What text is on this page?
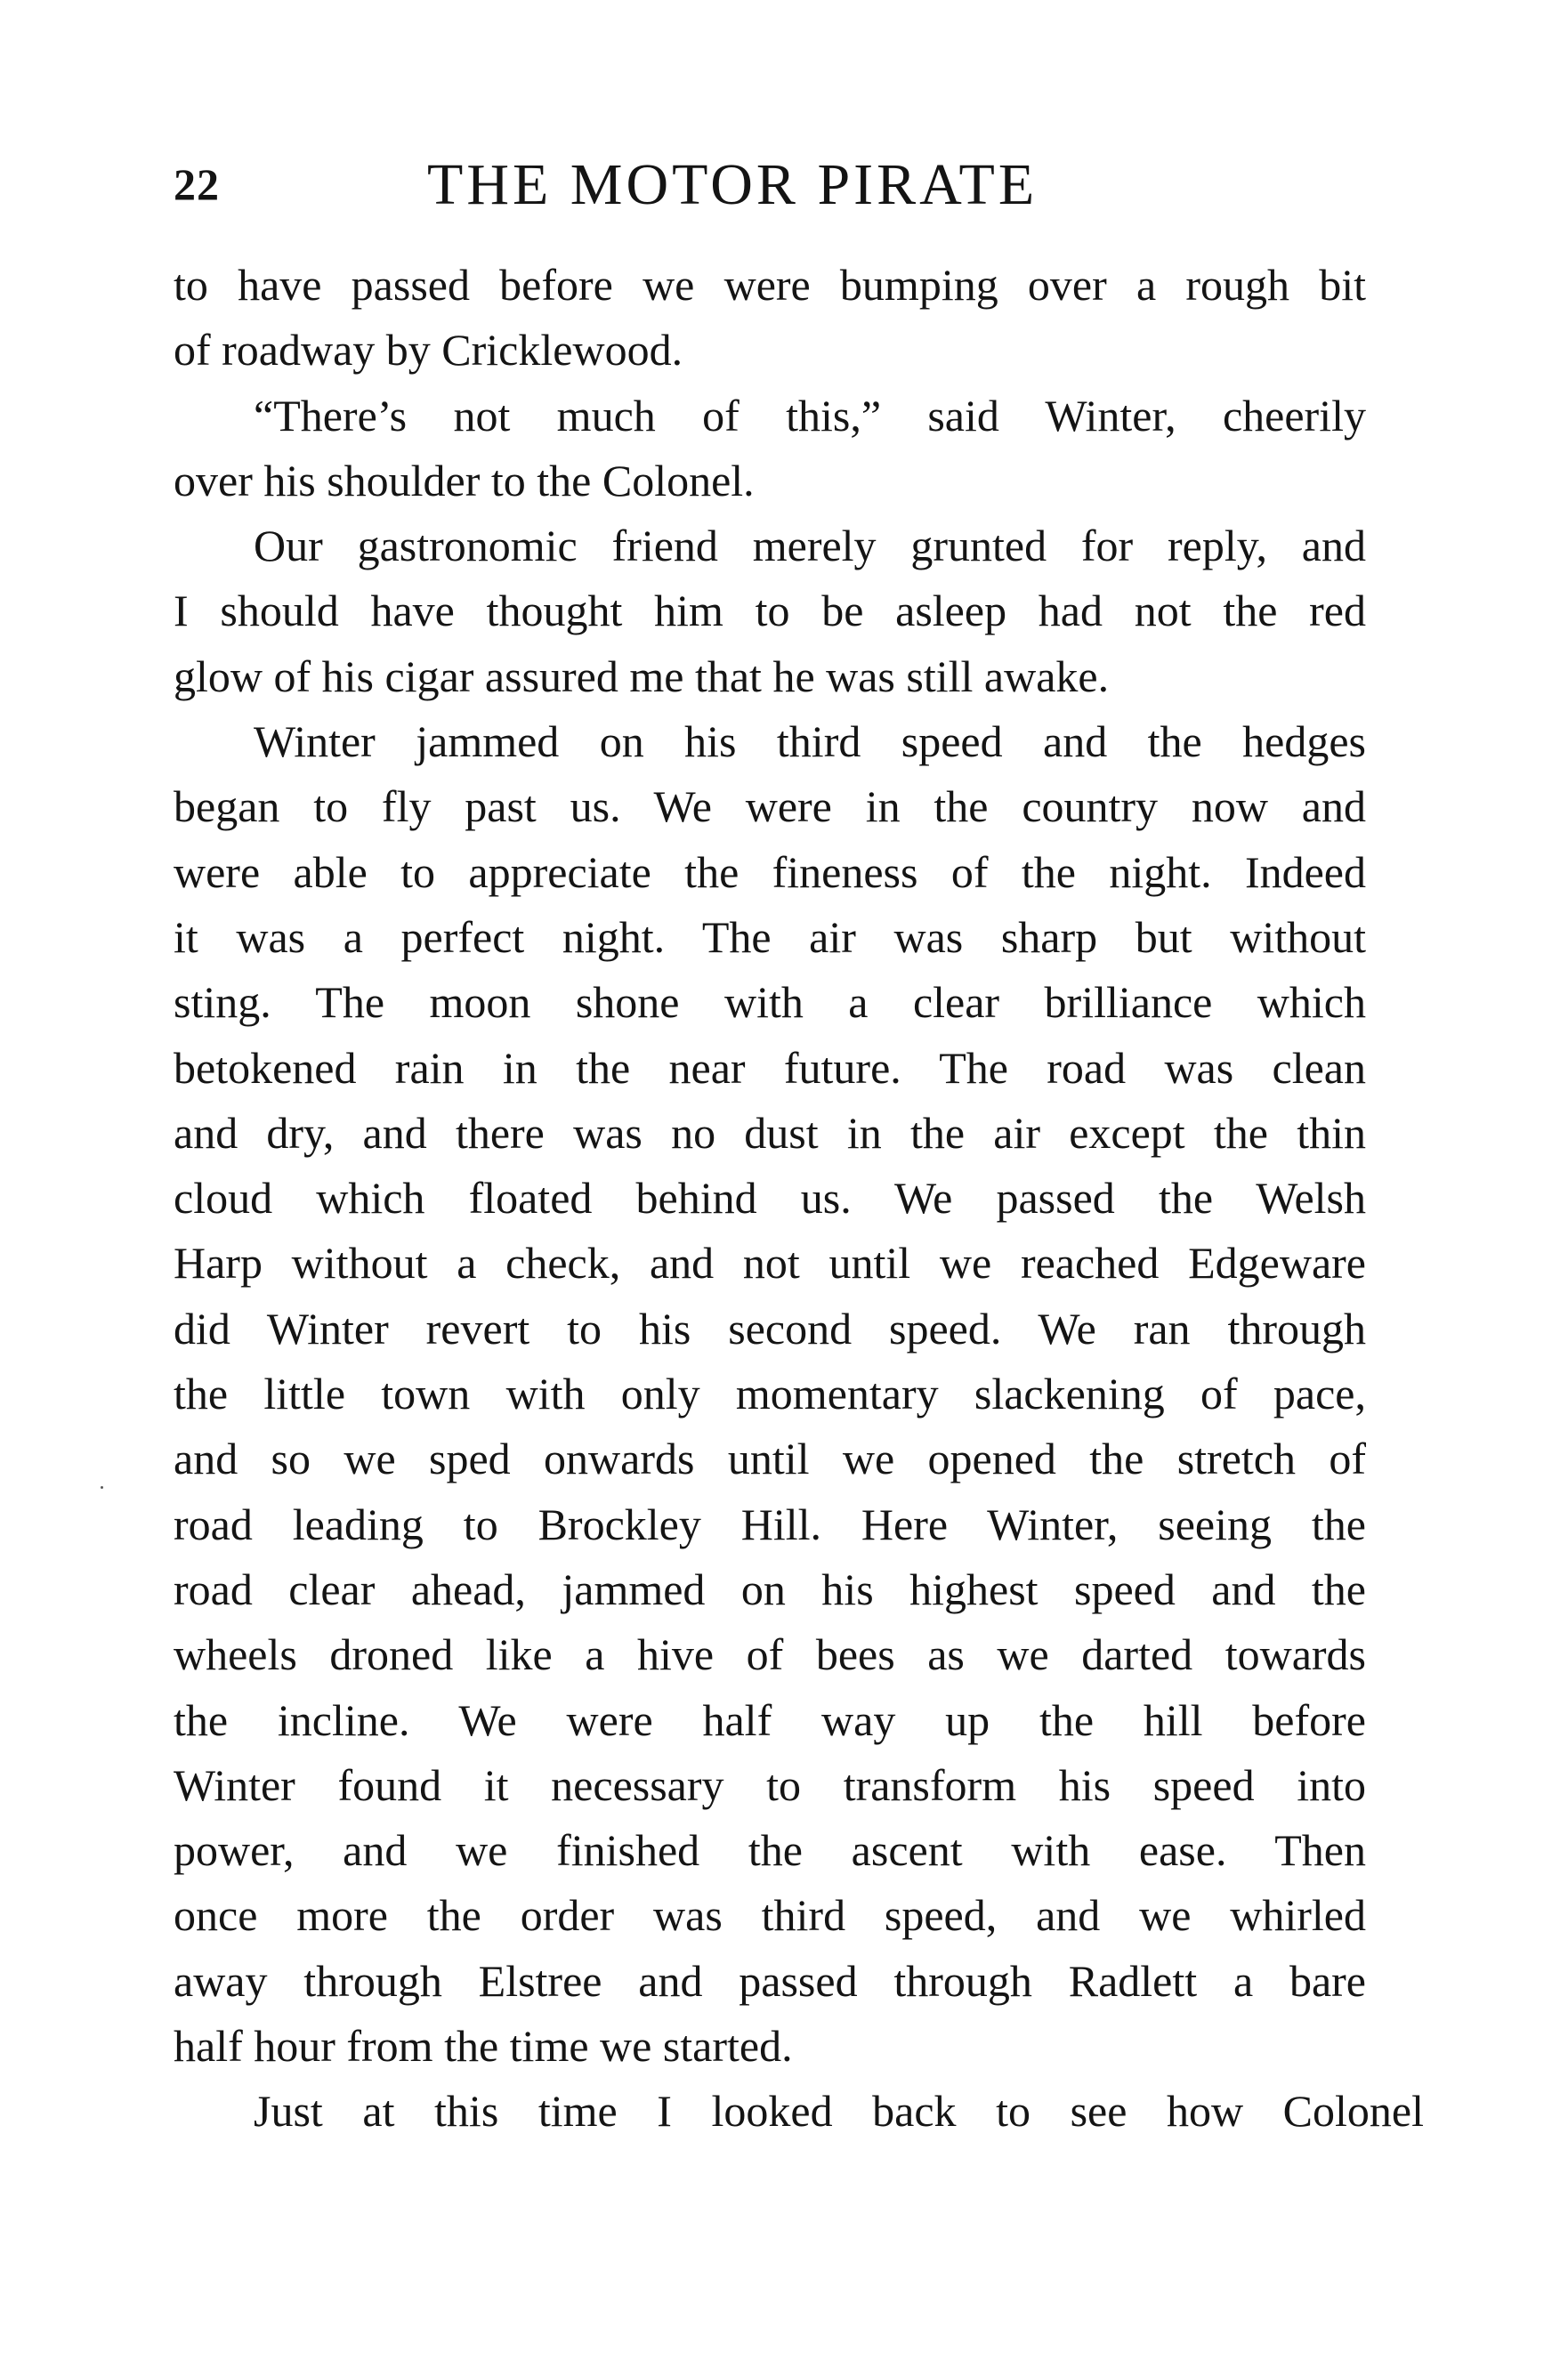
22	THE MOTOR PIRATE
to have passed before we were bumping over a rough bit
of roadway by Cricklewood.
“There’s not much of this,” said Winter, cheerily
over his shoulder to the Colonel.
Our gastronomic friend merely grunted for reply, and
I should have thought him to be asleep had not the red
glow of his cigar assured me that he was still awake.
Winter jammed on his third speed and the hedges
began to fly past us. We were in the country now and
were able to appreciate the fineness of the night. Indeed
it was a perfect night. The air was sharp but without
sting. The moon shone with a clear brilliance which
betokened rain in the near future. The road was clean
and dry, and there was no dust in the air except the thin
cloud which floated behind us. We passed the Welsh
Harp without a check, and not until we reached Edgeware
did Winter revert to his second speed. We ran through
the little town with only momentary slackening of pace,
and so we sped onwards until we opened the stretch of
road leading to Brockley Hill. Here Winter, seeing the
road clear ahead, jammed on his highest speed and the
wheels droned like a hive of bees as we darted towards
the incline. We were half way up the hill before
Winter found it necessary to transform his speed into
power, and we finished the ascent with ease. Then
once more the order was third speed, and we whirled
away through Elstree and passed through Radlett a bare
half hour from the time we started.
Just at this time I looked back to see how Colonel
